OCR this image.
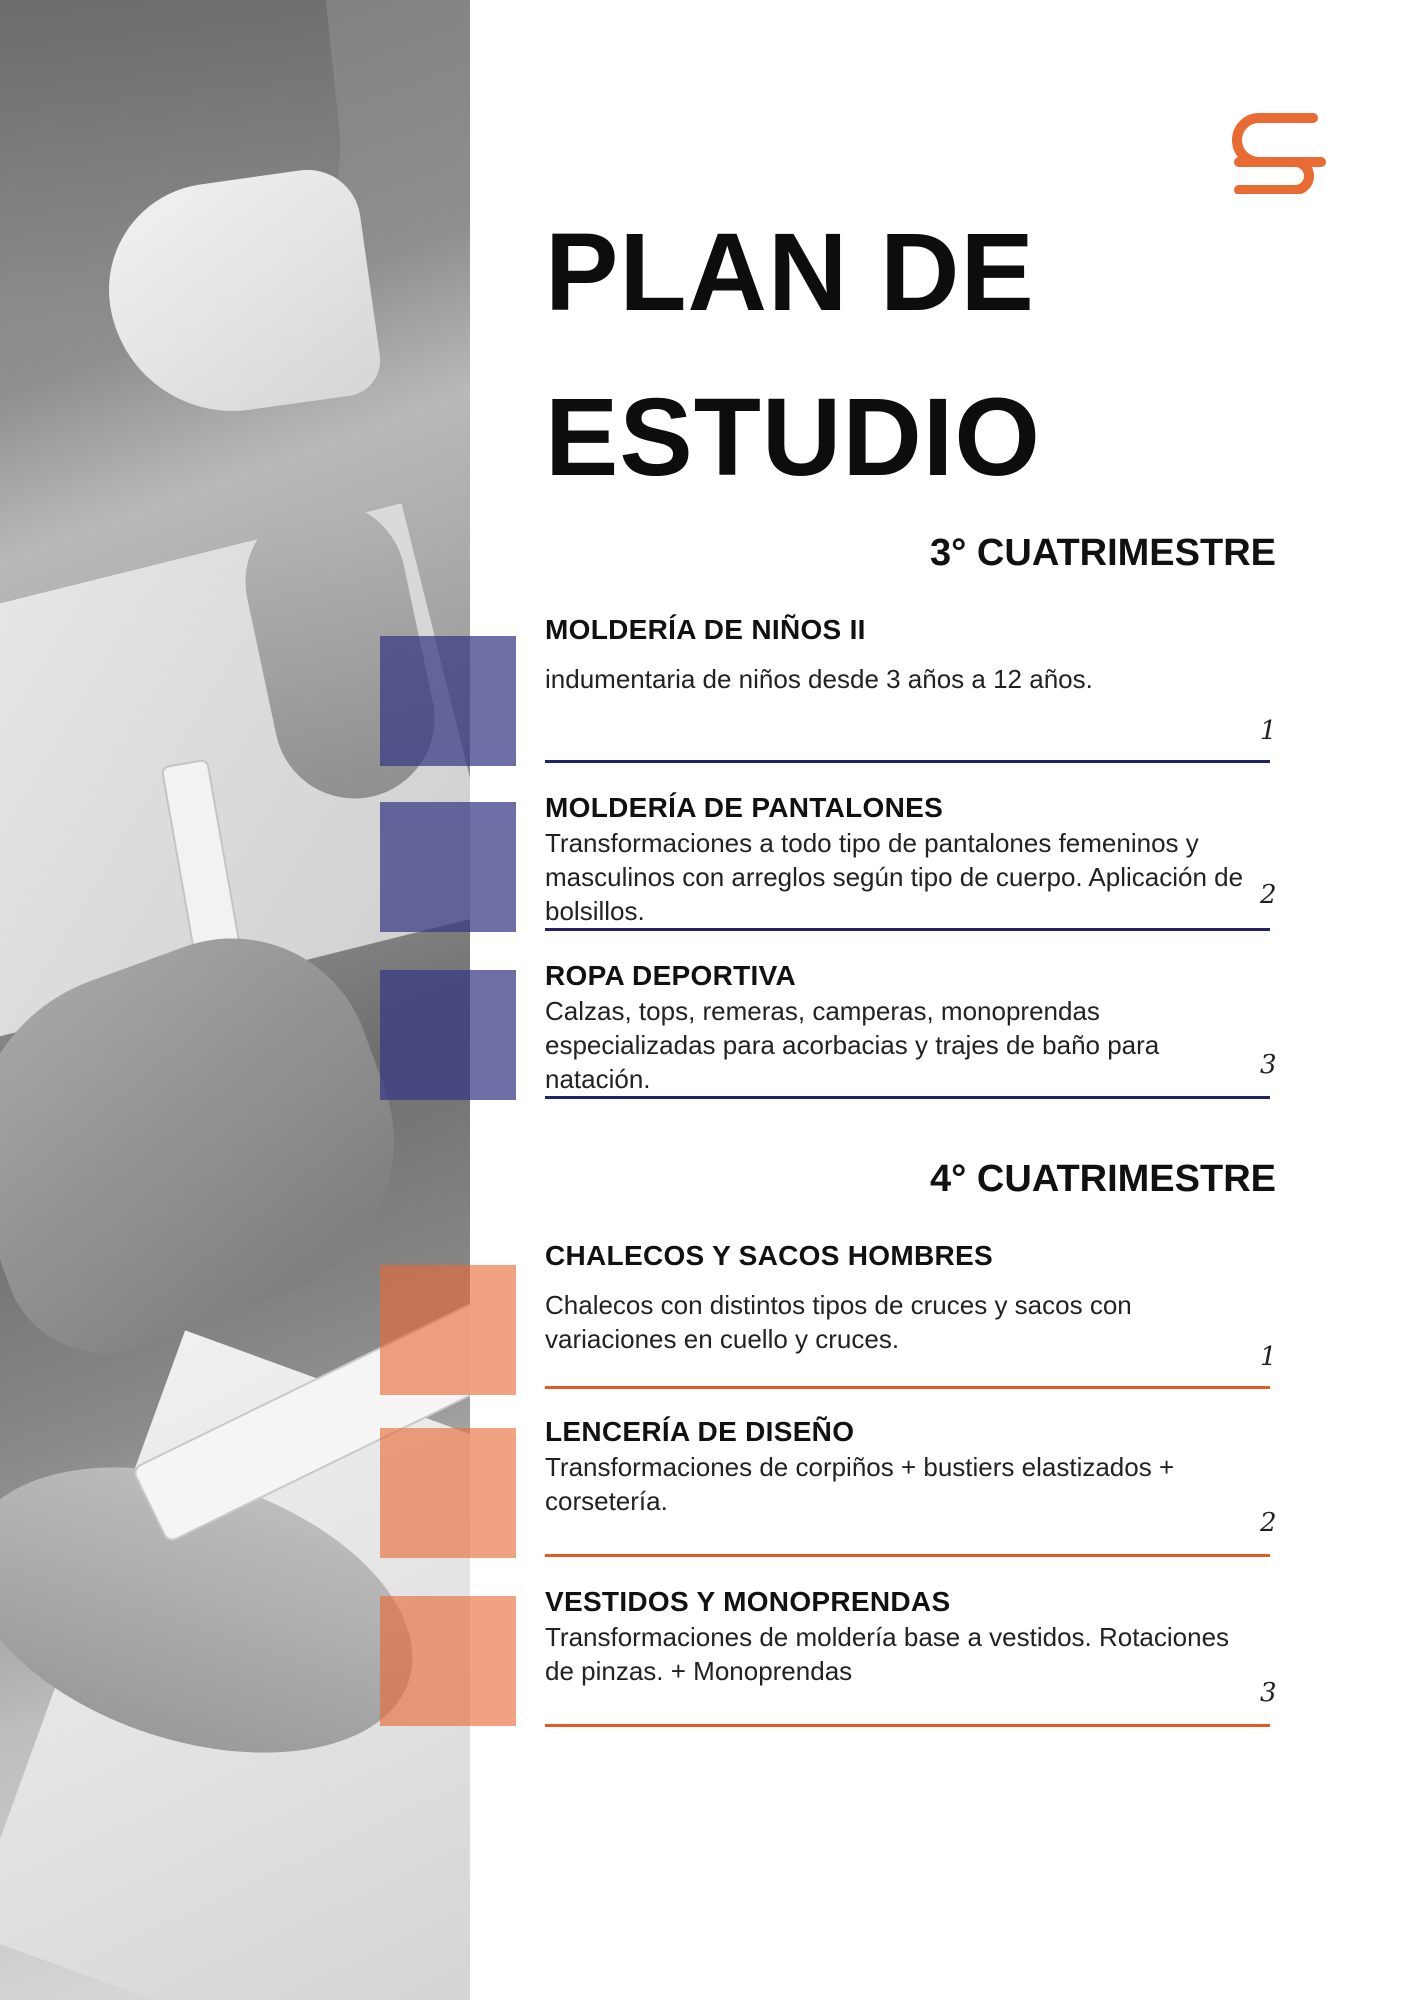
PLAN DE
ESTUDIO
3° CUATRIMESTRE
MOLDERÍA DE NIÑOS II

indumentaria de niños desde 3 años a 12 años.

1
MOLDERÍA DE PANTALONES

Transformaciones a todo tipo de pantalones femeninos y masculinos con arreglos según tipo de cuerpo. Aplicación de bolsillos.

2
ROPA DEPORTIVA

Calzas, tops, remeras, camperas, monoprendas especializadas para acorbacias y trajes de baño para natación.	3
4° CUATRIMESTRE
CHALECOS Y SACOS HOMBRES

Chalecos con distintos tipos de cruces y sacos con variaciones en cuello y cruces.

1
LENCERÍA DE DISEÑO

Transformaciones de corpiños + bustiers elastizados + corsetería.

2
VESTIDOS Y MONOPRENDAS

Transformaciones de moldería base a vestidos. Rotaciones de pinzas. + Monoprendas

3
